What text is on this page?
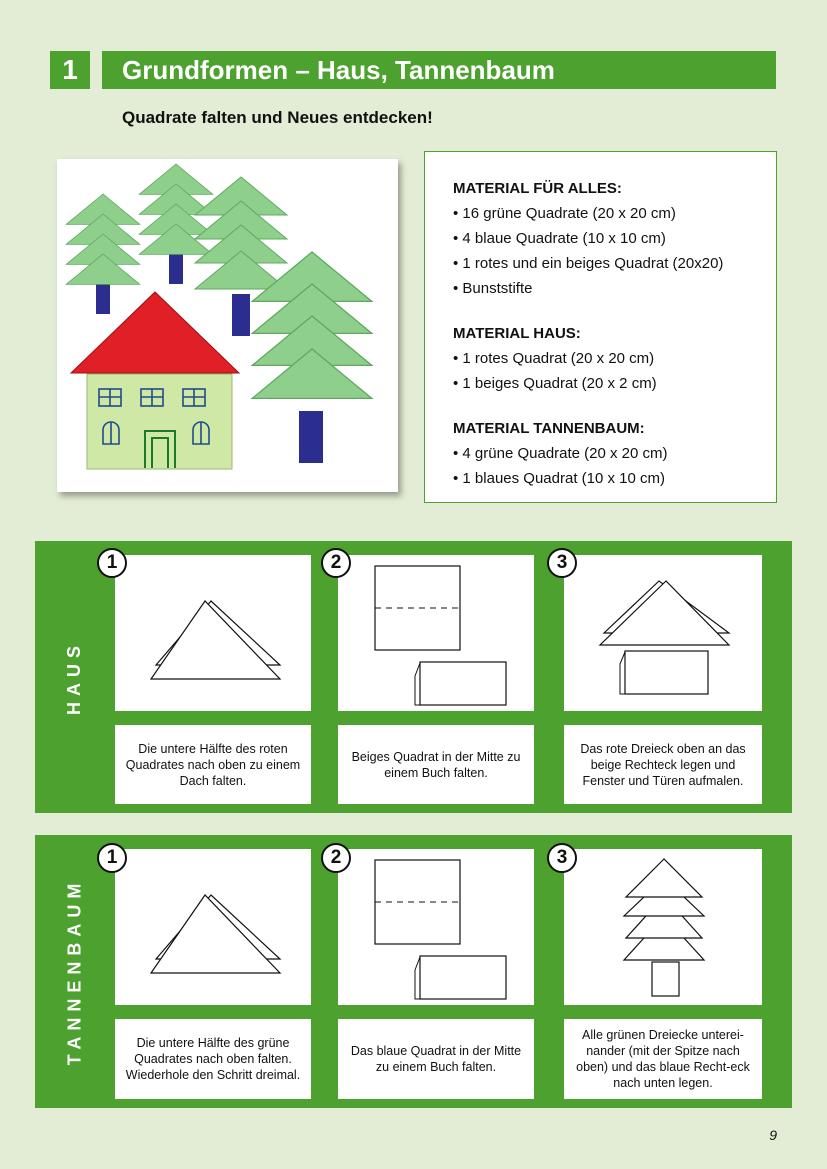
1	Grundformen – Haus, Tannenbaum
Quadrate falten und Neues entdecken!
MATERIAL FÜR ALLES:
• 16 grüne Quadrate (20 x 20 cm)
• 4 blaue Quadrate (10 x 10 cm)
• 1 rotes und ein beiges Quadrat (20x20)
• Bunststifte
MATERIAL HAUS:
• 1 rotes Quadrat (20 x 20 cm)
• 1 beiges Quadrat (20 x 2 cm)
MATERIAL TANNENBAUM:
• 4 grüne Quadrate (20 x 20 cm)
• 1 blaues Quadrat (10 x 10 cm)
HAUS
1
Die untere Hälfte des roten Quadrates nach oben zu einem Dach falten.
2
Beiges Quadrat in der Mitte zu einem Buch falten.
3
Das rote Dreieck oben an das beige Rechteck legen und Fenster und Türen aufmalen.
TANNENBAUM
1
Die untere Hälfte des grüne Quadrates nach oben falten. Wiederhole den Schritt dreimal.
2
Das blaue Quadrat in der Mitte zu einem Buch falten.
3
Alle grünen Dreiecke unterei-nander (mit der Spitze nach oben) und das blaue Recht-eck nach unten legen.
9
